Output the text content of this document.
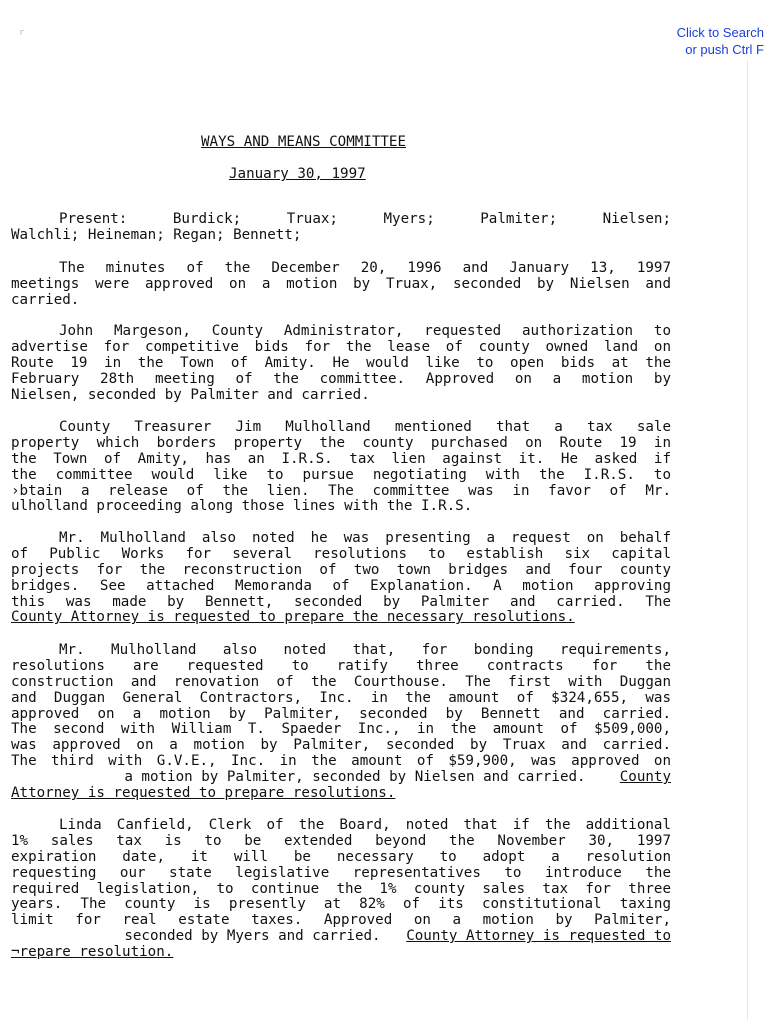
r	Click to Search
or push Ctrl F
WAYS AND MEANS COMMITTEE
January 30, 1997
Present: Burdick; Truax; Myers; Palmiter; Nielsen;
Walchli; Heineman; Regan; Bennett;
The minutes of the December 20, 1996 and January 13, 1997
meetings were approved on a motion by Truax, seconded by Nielsen and
carried.
John Margeson, County Administrator, requested authorization to
advertise for competitive bids for the lease of county owned land on
Route 19 in the Town of Amity. He would like to open bids at the
February 28th meeting of the committee. Approved on a motion by
Nielsen, seconded by Palmiter and carried.
County Treasurer Jim Mulholland mentioned that a tax sale
property which borders property the county purchased on Route 19 in
the Town of Amity, has an I.R.S. tax lien against it. He asked if
the committee would like to pursue negotiating with the I.R.S. to
›btain a release of the lien. The committee was in favor of Mr.
ulholland proceeding along those lines with the I.R.S.
Mr. Mulholland also noted he was presenting a request on behalf
of Public Works for several resolutions to establish six capital
projects for the reconstruction of two town bridges and four county
bridges. See attached Memoranda of Explanation. A motion approving
this was made by Bennett, seconded by Palmiter and carried. The
County Attorney is requested to prepare the necessary resolutions.
Mr. Mulholland also noted that, for bonding requirements,
resolutions are requested to ratify three contracts for the
construction and renovation of the Courthouse. The first with Duggan
and Duggan General Contractors, Inc. in the amount of $324,655, was
approved on a motion by Palmiter, seconded by Bennett and carried.
The second with William T. Spaeder Inc., in the amount of $509,000,
was approved on a motion by Palmiter, seconded by Truax and carried.
The third with G.V.E., Inc. in the amount of $59,900, was approved on
a motion by Palmiter, seconded by Nielsen and carried. County
Attorney is requested to prepare resolutions.
Linda Canfield, Clerk of the Board, noted that if the additional
1% sales tax is to be extended beyond the November 30, 1997
expiration date, it will be necessary to adopt a resolution
requesting our state legislative representatives to introduce the
required legislation, to continue the 1% county sales tax for three
years. The county is presently at 82% of its constitutional taxing
limit for real estate taxes. Approved on a motion by Palmiter,
seconded by Myers and carried. County Attorney is requested to
¬repare resolution.
